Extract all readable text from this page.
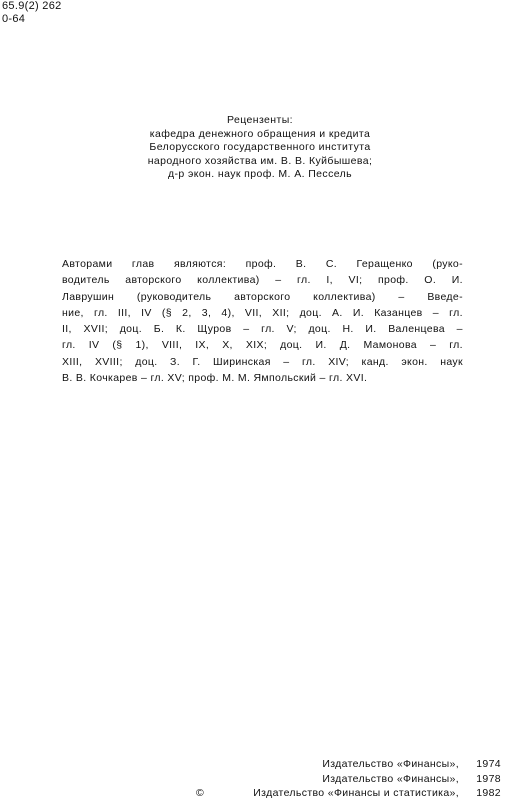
65.9(2) 262
0-64
Рецензенты:
кафедра денежного обращения и кредита
Белорусского государственного института
народного хозяйства им. В. В. Куйбышева;
д-р экон. наук проф. М. А. Пессель
Авторами глав являются: проф. В. С. Геращенко (руко-
водитель авторского коллектива) – гл. I, VI; проф. О. И.
Лаврушин (руководитель авторского коллектива) – Введе-
ние, гл. III, IV (§ 2, 3, 4), VII, XII; доц. А. И. Казанцев – гл.
II, XVII; доц. Б. К. Щуров – гл. V; доц. Н. И. Валенцева –
гл. IV (§ 1), VIII, IX, X, XIX; доц. И. Д. Мамонова – гл.
XIII, XVIII; доц. З. Г. Ширинская – гл. XIV; канд. экон. наук
В. В. Кочкарев – гл. XV; проф. М. М. Ямпольский – гл. XVI.
Издательство «Финансы», 1974
Издательство «Финансы», 1978
©	Издательство «Финансы и статистика», 1982
